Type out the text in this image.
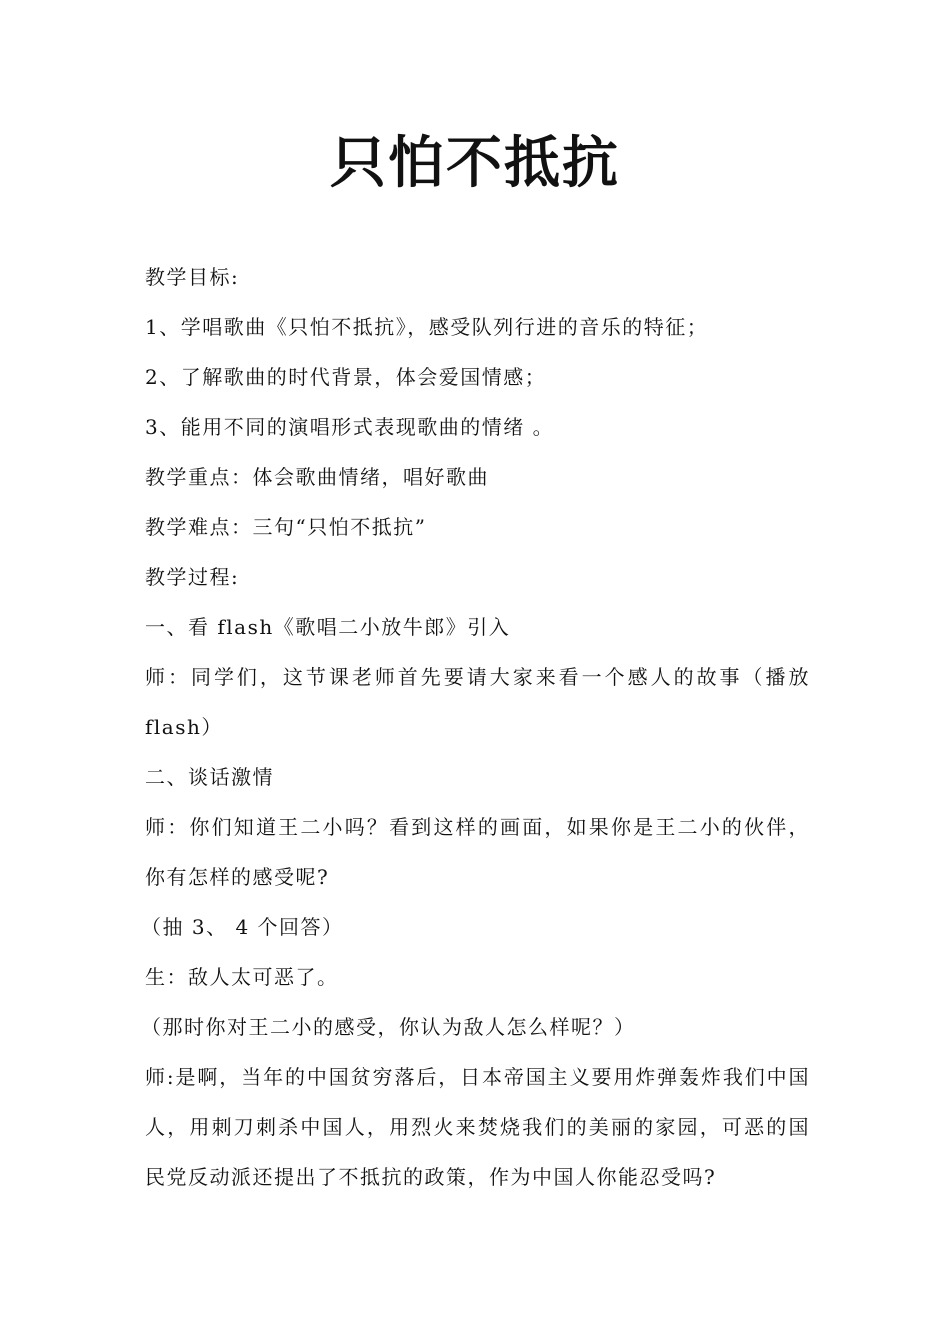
只怕不抵抗

教学目标:

1、学唱歌曲《只怕不抵抗》，感受队列行进的音乐的特征；

2、了解歌曲的时代背景，体会爱国情感；

3、能用不同的演唱形式表现歌曲的情绪 。

教学重点：体会歌曲情绪，唱好歌曲

教学难点：三句“只怕不抵抗”

教学过程:

一、看 flash《歌唱二小放牛郎》引入

师：同学们，这节课老师首先要请大家来看一个感人的故事（播放flash）

二、谈话激情

师：你们知道王二小吗？看到这样的画面，如果你是王二小的伙伴，你有怎样的感受呢?

（抽 3、 4 个回答）

生：敌人太可恶了。

（那时你对王二小的感受，你认为敌人怎么样呢？）

师:是啊，当年的中国贫穷落后，日本帝国主义要用炸弹轰炸我们中国人，用刺刀刺杀中国人，用烈火来焚烧我们的美丽的家园，可恶的国民党反动派还提出了不抵抗的政策，作为中国人你能忍受吗?
